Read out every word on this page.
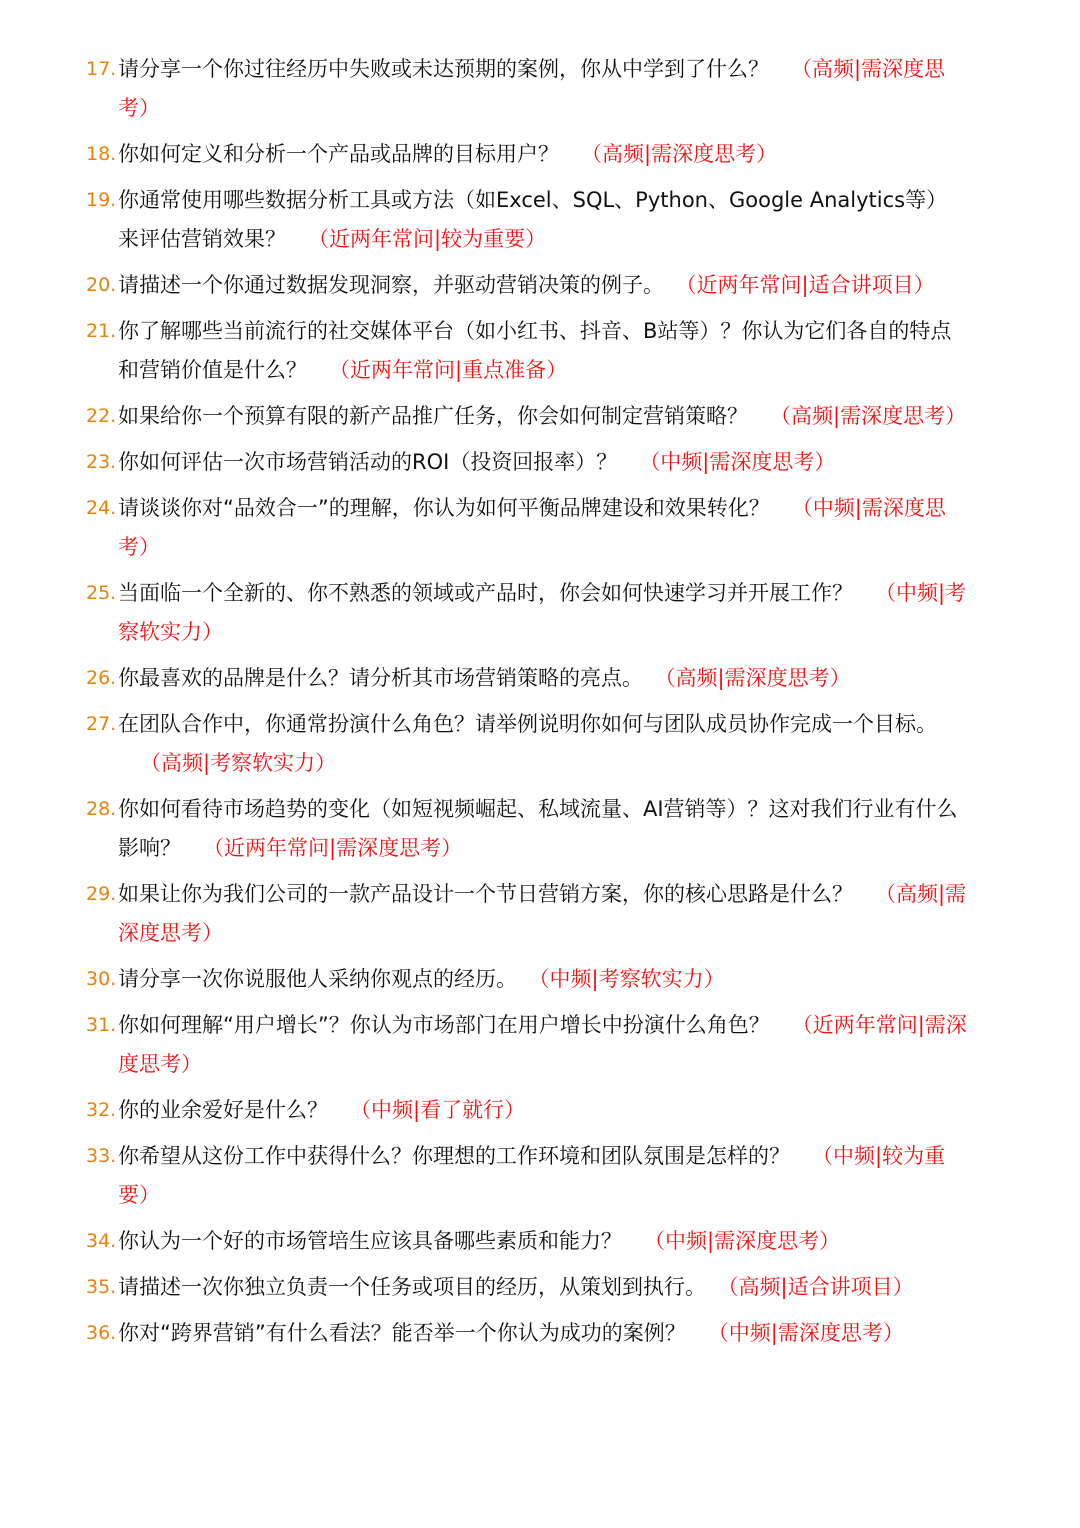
17. 请分享一个你过往经历中失败或未达预期的案例，你从中学到了什么？ （高频|需深度思考）
18. 你如何定义和分析一个产品或品牌的目标用户？ （高频|需深度思考）
19. 你通常使用哪些数据分析工具或方法（如Excel、SQL、Python、Google Analytics等）来评估营销效果？ （近两年常问|较为重要）
20. 请描述一个你通过数据发现洞察，并驱动营销决策的例子。 （近两年常问|适合讲项目）
21. 你了解哪些当前流行的社交媒体平台（如小红书、抖音、B站等）？你认为它们各自的特点和营销价值是什么？ （近两年常问|重点准备）
22. 如果给你一个预算有限的新产品推广任务，你会如何制定营销策略？ （高频|需深度思考）
23. 你如何评估一次市场营销活动的ROI（投资回报率）？ （中频|需深度思考）
24. 请谈谈你对“品效合一”的理解，你认为如何平衡品牌建设和效果转化？ （中频|需深度思考）
25. 当面临一个全新的、你不熟悉的领域或产品时，你会如何快速学习并开展工作？ （中频|考察软实力）
26. 你最喜欢的品牌是什么？请分析其市场营销策略的亮点。 （高频|需深度思考）
27. 在团队合作中，你通常扮演什么角色？请举例说明你如何与团队成员协作完成一个目标。（高频|考察软实力）
28. 你如何看待市场趋势的变化（如短视频崛起、私域流量、AI营销等）？这对我们行业有什么影响？ （近两年常问|需深度思考）
29. 如果让你为我们公司的一款产品设计一个节日营销方案，你的核心思路是什么？ （高频|需深度思考）
30. 请分享一次你说服他人采纳你观点的经历。 （中频|考察软实力）
31. 你如何理解“用户增长”？你认为市场部门在用户增长中扮演什么角色？ （近两年常问|需深度思考）
32. 你的业余爱好是什么？ （中频|看了就行）
33. 你希望从这份工作中获得什么？你理想的工作环境和团队氛围是怎样的？ （中频|较为重要）
34. 你认为一个好的市场管培生应该具备哪些素质和能力？ （中频|需深度思考）
35. 请描述一次你独立负责一个任务或项目的经历，从策划到执行。 （高频|适合讲项目）
36. 你对“跨界营销”有什么看法？能否举一个你认为成功的案例？ （中频|需深度思考）
